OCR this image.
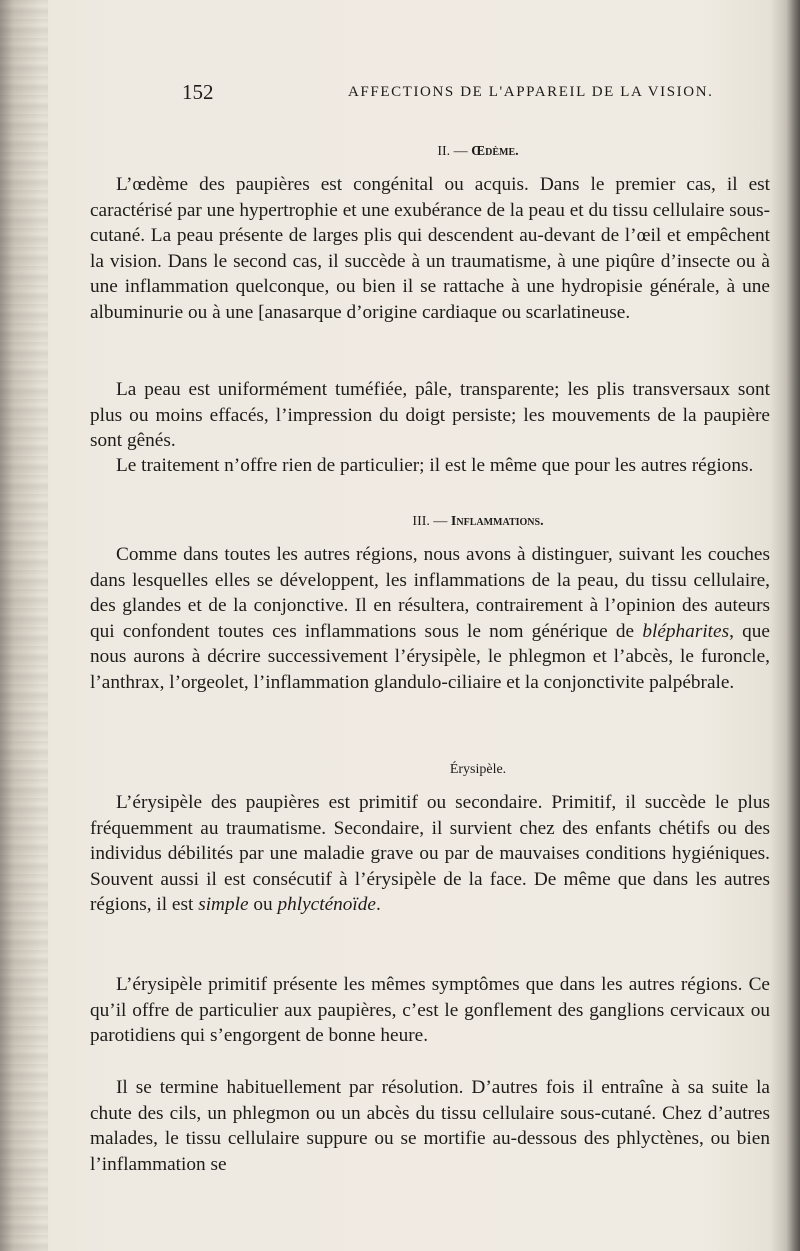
152	AFFECTIONS DE L'APPAREIL DE LA VISION.
II. — Œdème.

L’œdème des paupières est congénital ou acquis. Dans le premier cas, il est caractérisé par une hypertrophie et une exubérance de la peau et du tissu cellulaire sous-cutané. La peau présente de larges plis qui descendent au-devant de l’œil et empêchent la vision. Dans le second cas, il succède à un traumatisme, à une piqûre d’insecte ou à une inflammation quelconque, ou bien il se rattache à une hydropisie générale, à une albuminurie ou à une [anasarque d’origine cardiaque ou scarlatineuse.

La peau est uniformément tuméfiée, pâle, transparente; les plis transversaux sont plus ou moins effacés, l’impression du doigt persiste; les mouvements de la paupière sont gênés.

Le traitement n’offre rien de particulier; il est le même que pour les autres régions.

III. — Inflammations.

Comme dans toutes les autres régions, nous avons à distinguer, suivant les couches dans lesquelles elles se développent, les inflammations de la peau, du tissu cellulaire, des glandes et de la conjonctive. Il en résultera, contrairement à l’opinion des auteurs qui confondent toutes ces inflammations sous le nom générique de blépharites, que nous aurons à décrire successivement l’érysipèle, le phlegmon et l’abcès, le furoncle, l’anthrax, l’orgeolet, l’inflammation glandulo-ciliaire et la conjonctivite palpébrale.

Érysipèle.

L’érysipèle des paupières est primitif ou secondaire. Primitif, il succède le plus fréquemment au traumatisme. Secondaire, il survient chez des enfants chétifs ou des individus débilités par une maladie grave ou par de mauvaises conditions hygiéniques. Souvent aussi il est consécutif à l’érysipèle de la face. De même que dans les autres régions, il est simple ou phlycténoïde.

L’érysipèle primitif présente les mêmes symptômes que dans les autres régions. Ce qu’il offre de particulier aux paupières, c’est le gonflement des ganglions cervicaux ou parotidiens qui s’engorgent de bonne heure.

Il se termine habituellement par résolution. D’autres fois il entraîne à sa suite la chute des cils, un phlegmon ou un abcès du tissu cellulaire sous-cutané. Chez d’autres malades, le tissu cellulaire suppure ou se mortifie au-dessous des phlyctènes, ou bien l’inflammation se
